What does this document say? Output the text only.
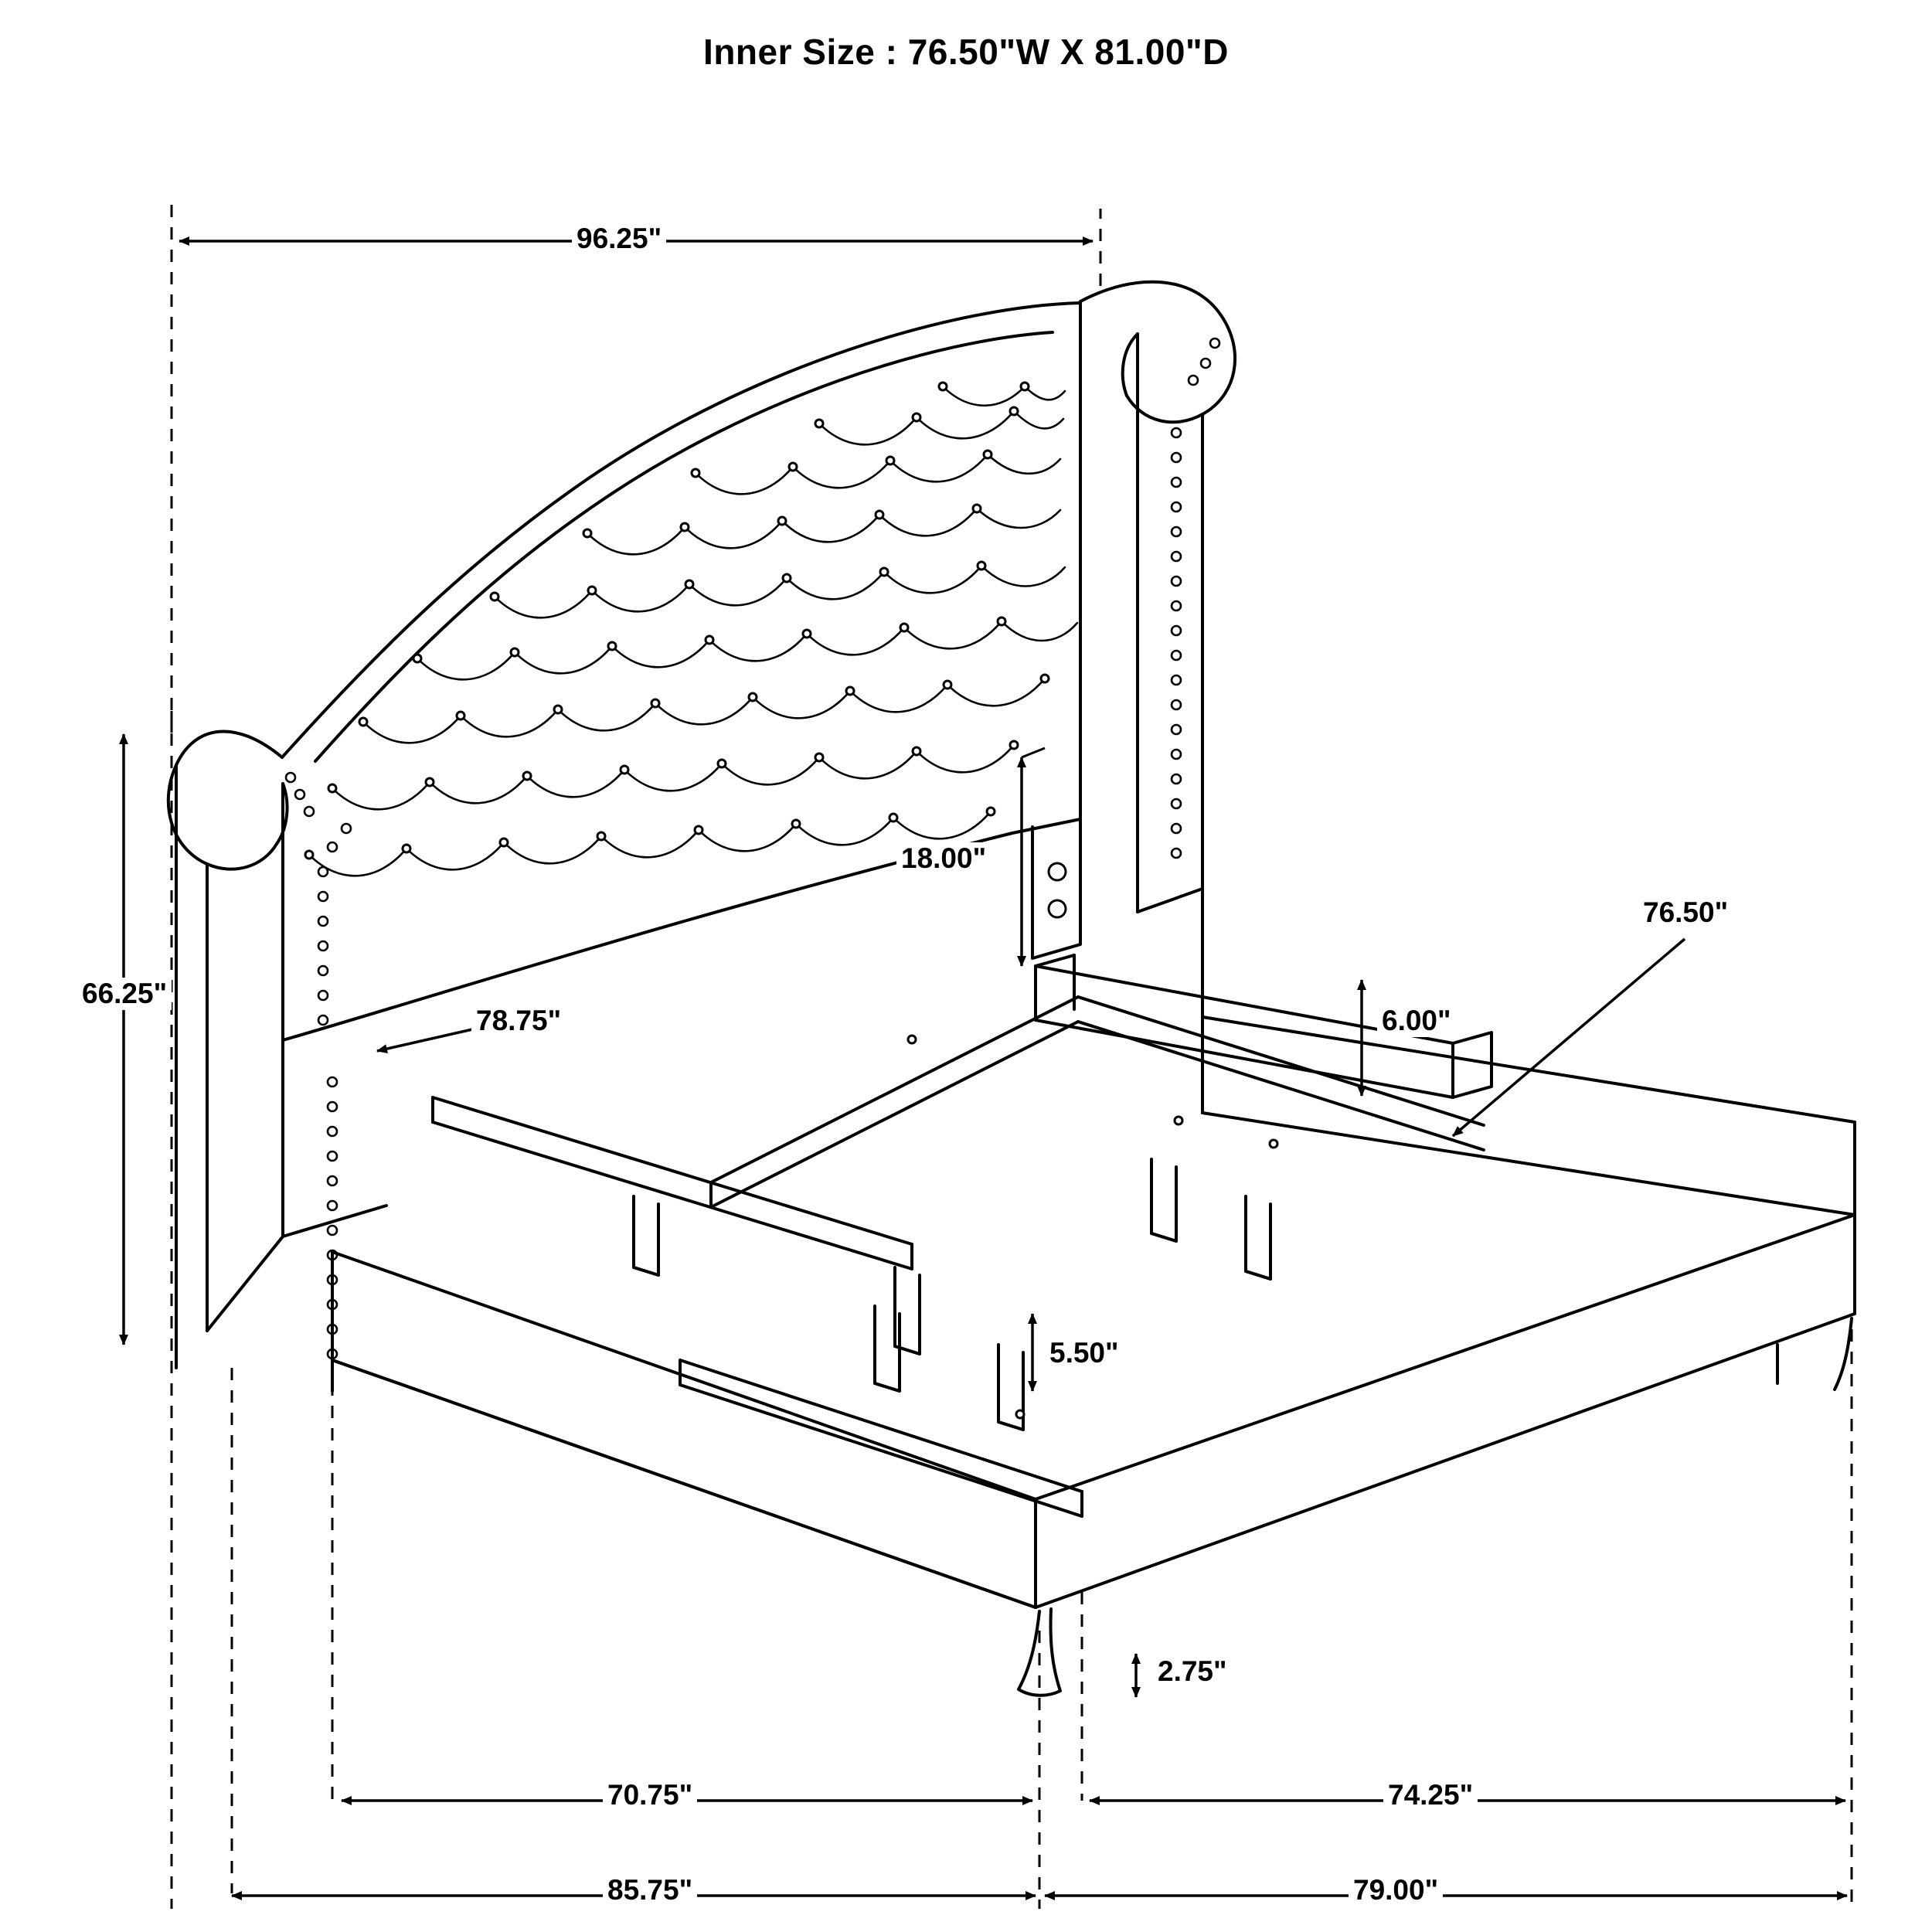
Inner Size : 76.50"W X 81.00"D
96.25"
66.25"
18.00"
78.75"	6.00"
76.50"
5.50"
2.75"
70.75"	74.25"
85.75"	79.00"
